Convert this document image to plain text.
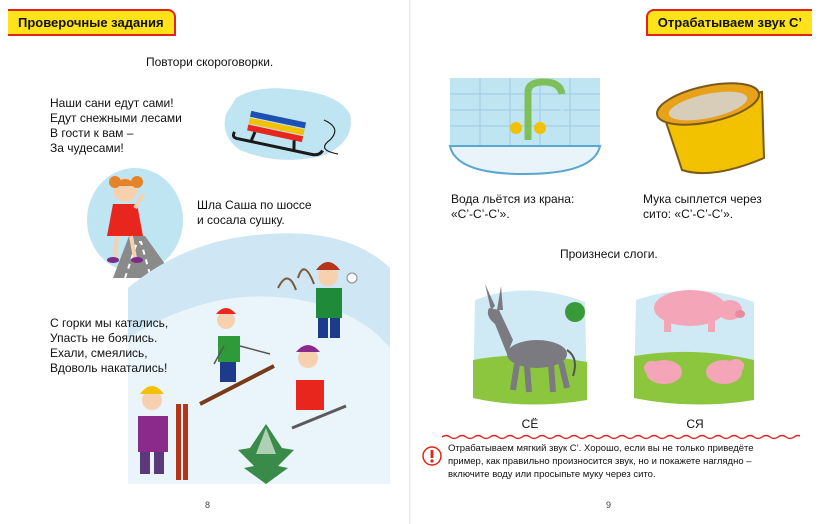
Проверочные задания
Повтори скороговорки.
Наши сани едут сами!
Едут снежными лесами
В гости к вам –
За чудесами!
Шла Саша по шоссе
и сосала сушку.
С горки мы катались,
Упасть не боялись.
Ехали, смеялись,
Вдоволь накатались!
8
Отрабатываем звук С’
Вода льётся из крана:
«С’-С’-С’».
Мука сыплется через
сито: «С’-С’-С’».
Произнеси слоги.
СЁ	СЯ
Отрабатываем мягкий звук С’. Хорошо, если вы не только приведёте
пример, как правильно произносится звук, но и покажете наглядно –
включите воду или просыпьте муку через сито.
9
